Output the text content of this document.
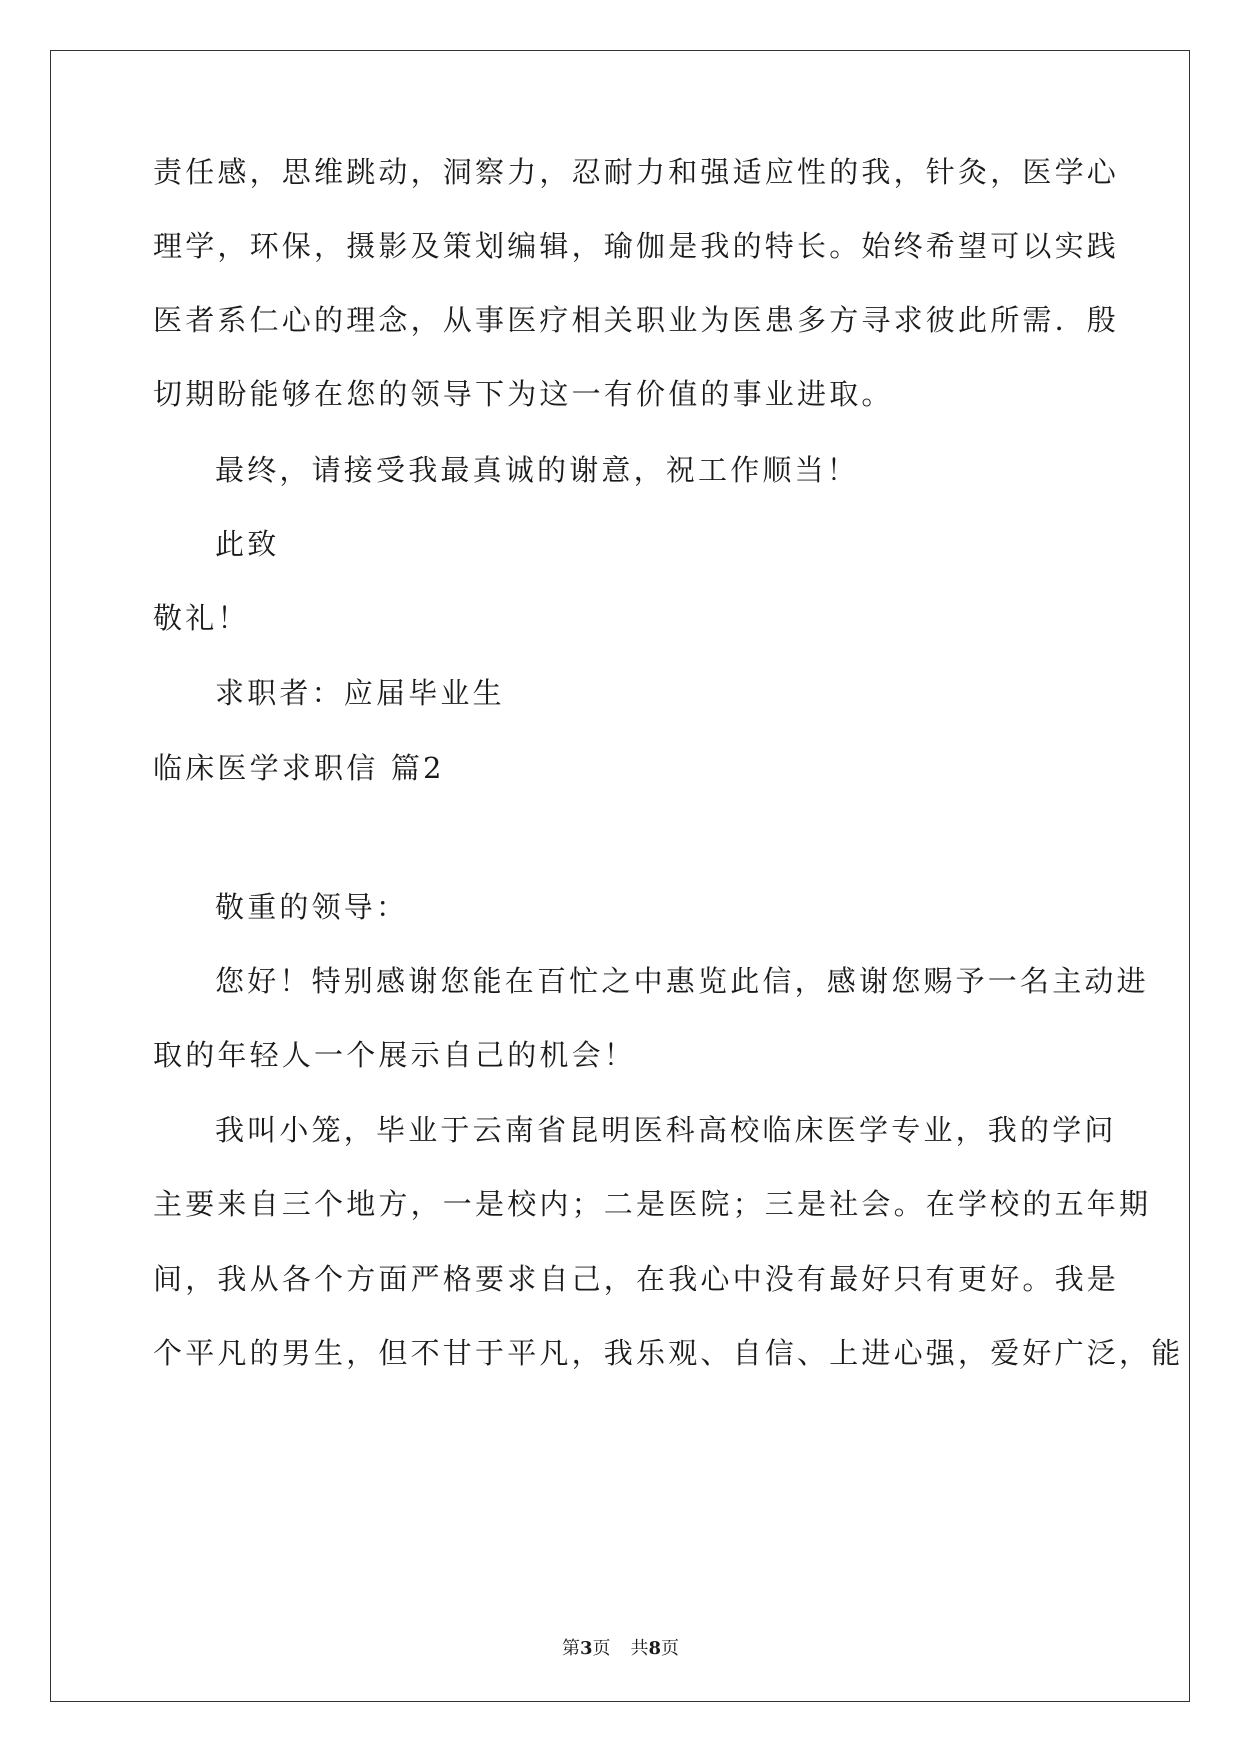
责任感，思维跳动，洞察力，忍耐力和强适应性的我，针灸，医学心
理学，环保，摄影及策划编辑，瑜伽是我的特长。始终希望可以实践
医者系仁心的理念，从事医疗相关职业为医患多方寻求彼此所需．殷
切期盼能够在您的领导下为这一有价值的事业进取。
最终，请接受我最真诚的谢意，祝工作顺当！
此致
敬礼！
求职者：应届毕业生
临床医学求职信 篇2
敬重的领导：
您好！特别感谢您能在百忙之中惠览此信，感谢您赐予一名主动进
取的年轻人一个展示自己的机会！
我叫小笼，毕业于云南省昆明医科高校临床医学专业，我的学问
主要来自三个地方，一是校内；二是医院；三是社会。在学校的五年期
间，我从各个方面严格要求自己，在我心中没有最好只有更好。我是
个平凡的男生，但不甘于平凡，我乐观、自信、上进心强，爱好广泛，能
第3页 共8页
